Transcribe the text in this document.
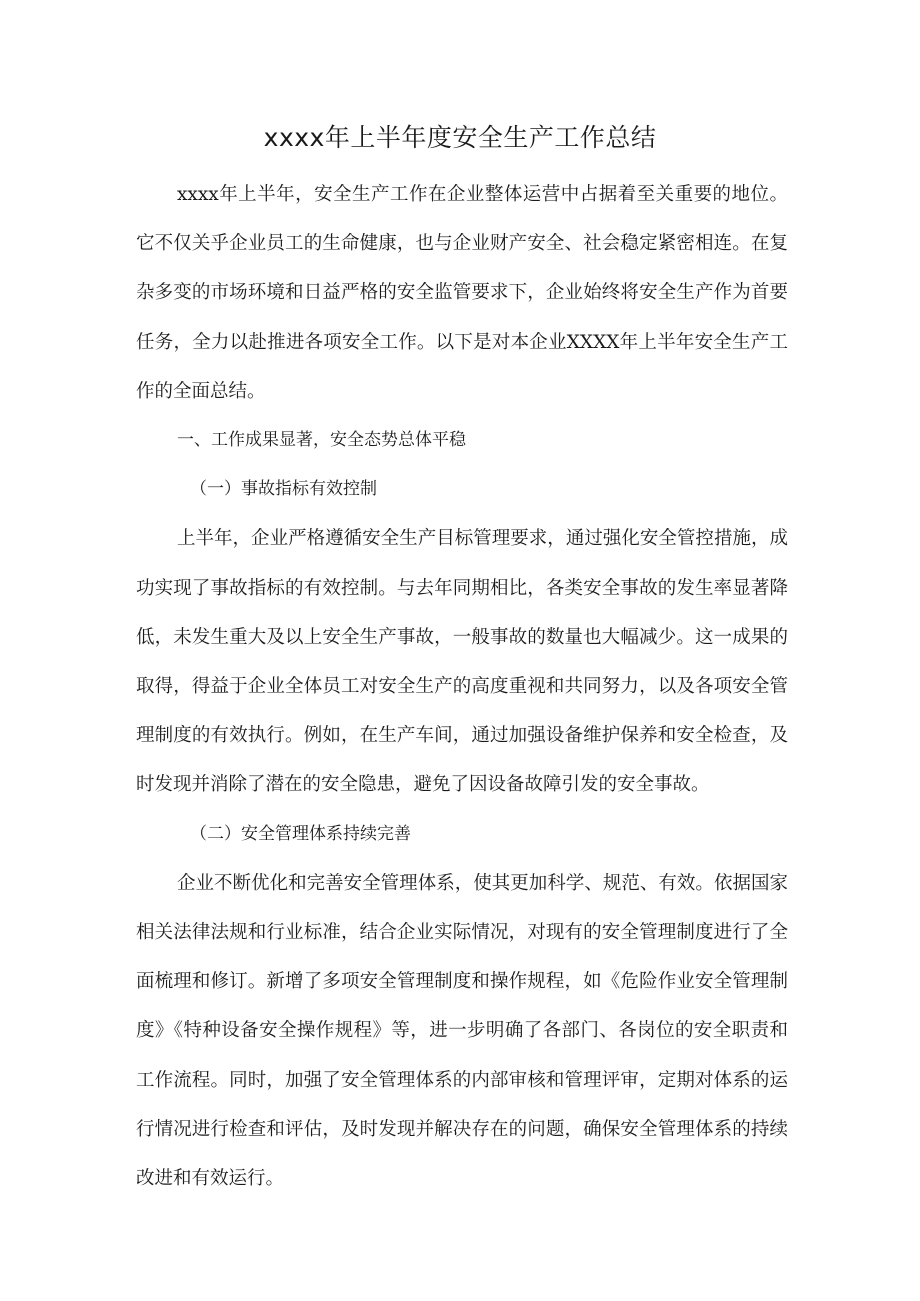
xxxx年上半年度安全生产工作总结

xxxx年上半年，安全生产工作在企业整体运营中占据着至关重要的地位。它不仅关乎企业员工的生命健康，也与企业财产安全、社会稳定紧密相连。在复杂多变的市场环境和日益严格的安全监管要求下，企业始终将安全生产作为首要任务，全力以赴推进各项安全工作。以下是对本企业XXXX年上半年安全生产工作的全面总结。

一、工作成果显著，安全态势总体平稳

（一）事故指标有效控制

上半年，企业严格遵循安全生产目标管理要求，通过强化安全管控措施，成功实现了事故指标的有效控制。与去年同期相比，各类安全事故的发生率显著降低，未发生重大及以上安全生产事故，一般事故的数量也大幅减少。这一成果的取得，得益于企业全体员工对安全生产的高度重视和共同努力，以及各项安全管理制度的有效执行。例如，在生产车间，通过加强设备维护保养和安全检查，及时发现并消除了潜在的安全隐患，避免了因设备故障引发的安全事故。

（二）安全管理体系持续完善

企业不断优化和完善安全管理体系，使其更加科学、规范、有效。依据国家相关法律法规和行业标准，结合企业实际情况，对现有的安全管理制度进行了全面梳理和修订。新增了多项安全管理制度和操作规程，如《危险作业安全管理制度》《特种设备安全操作规程》等，进一步明确了各部门、各岗位的安全职责和工作流程。同时，加强了安全管理体系的内部审核和管理评审，定期对体系的运行情况进行检查和评估，及时发现并解决存在的问题，确保安全管理体系的持续改进和有效运行。
